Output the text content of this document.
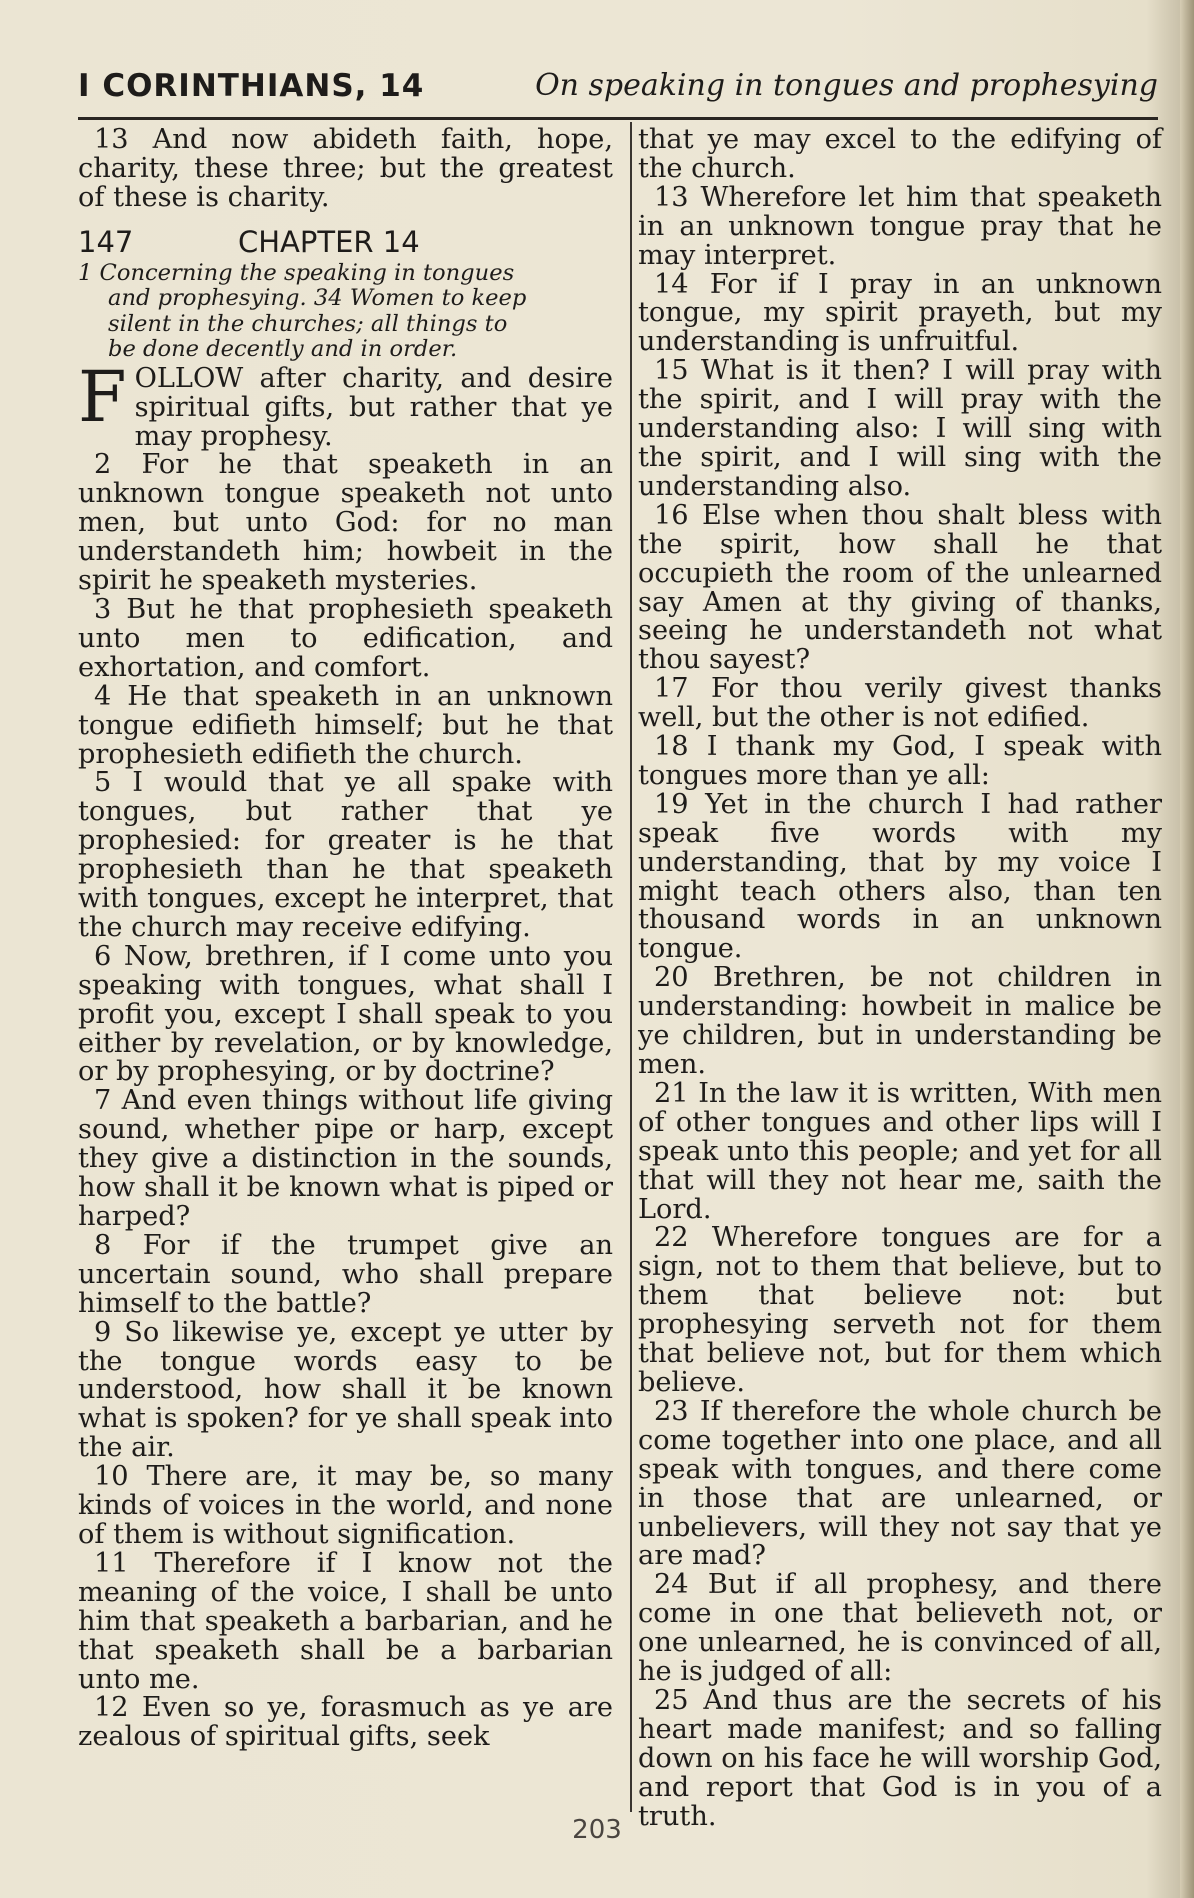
I CORINTHIANS, 14	On speaking in tongues and prophesying

13 And now abideth faith, hope, charity, these three; but the greatest of these is charity.

147	CHAPTER 14
1 Concerning the speaking in tongues
and prophesying. 34 Women to keep
silent in the churches; all things to
be done decently and in order.

FOLLOW after charity, and desire spiritual gifts, but rather that ye may prophesy.

2 For he that speaketh in an unknown tongue speaketh not unto men, but unto God: for no man understandeth him; howbeit in the spirit he speaketh mysteries.

3 But he that prophesieth speaketh unto men to edification, and exhortation, and comfort.

4 He that speaketh in an unknown tongue edifieth himself; but he that prophesieth edifieth the church.

5 I would that ye all spake with tongues, but rather that ye prophesied: for greater is he that prophesieth than he that speaketh with tongues, except he interpret, that the church may receive edifying.

6 Now, brethren, if I come unto you speaking with tongues, what shall I profit you, except I shall speak to you either by revelation, or by knowledge, or by prophesying, or by doctrine?

7 And even things without life giving sound, whether pipe or harp, except they give a distinction in the sounds, how shall it be known what is piped or harped?

8 For if the trumpet give an uncertain sound, who shall prepare himself to the battle?

9 So likewise ye, except ye utter by the tongue words easy to be understood, how shall it be known what is spoken? for ye shall speak into the air.

10 There are, it may be, so many kinds of voices in the world, and none of them is without signification.

11 Therefore if I know not the meaning of the voice, I shall be unto him that speaketh a barbarian, and he that speaketh shall be a barbarian unto me.

12 Even so ye, forasmuch as ye are zealous of spiritual gifts, seek

that ye may excel to the edifying of the church.

13 Wherefore let him that speaketh in an unknown tongue pray that he may interpret.

14 For if I pray in an unknown tongue, my spirit prayeth, but my understanding is unfruitful.

15 What is it then? I will pray with the spirit, and I will pray with the understanding also: I will sing with the spirit, and I will sing with the understanding also.

16 Else when thou shalt bless with the spirit, how shall he that occupieth the room of the unlearned say Amen at thy giving of thanks, seeing he understandeth not what thou sayest?

17 For thou verily givest thanks well, but the other is not edified.

18 I thank my God, I speak with tongues more than ye all:

19 Yet in the church I had rather speak five words with my understanding, that by my voice I might teach others also, than ten thousand words in an unknown tongue.

20 Brethren, be not children in understanding: howbeit in malice be ye children, but in understanding be men.

21 In the law it is written, With men of other tongues and other lips will I speak unto this people; and yet for all that will they not hear me, saith the Lord.

22 Wherefore tongues are for a sign, not to them that believe, but to them that believe not: but prophesying serveth not for them that believe not, but for them which believe.

23 If therefore the whole church be come together into one place, and all speak with tongues, and there come in those that are unlearned, or unbelievers, will they not say that ye are mad?

24 But if all prophesy, and there come in one that believeth not, or one unlearned, he is convinced of all, he is judged of all:

25 And thus are the secrets of his heart made manifest; and so falling down on his face he will worship God, and report that God is in you of a truth.

203
